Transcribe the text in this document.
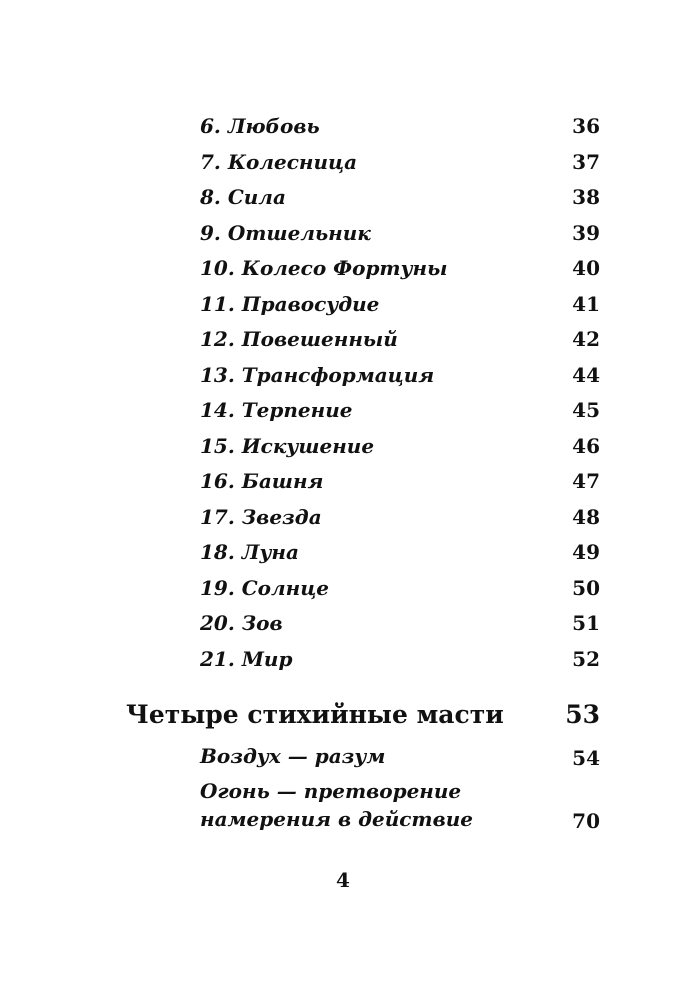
6. Любовь	36
7. Колесница	37
8. Сила	38
9. Отшельник	39
10. Колесо Фортуны	40
11. Правосудие	41
12. Повешенный	42
13. Трансформация	44
14. Терпение	45
15. Искушение	46
16. Башня	47
17. Звезда	48
18. Луна	49
19. Солнце	50
20. Зов	51
21. Мир	52
Четыре стихийные масти 53
Воздух — разум	54
Огонь — претворение
намерения в действие	70
4
